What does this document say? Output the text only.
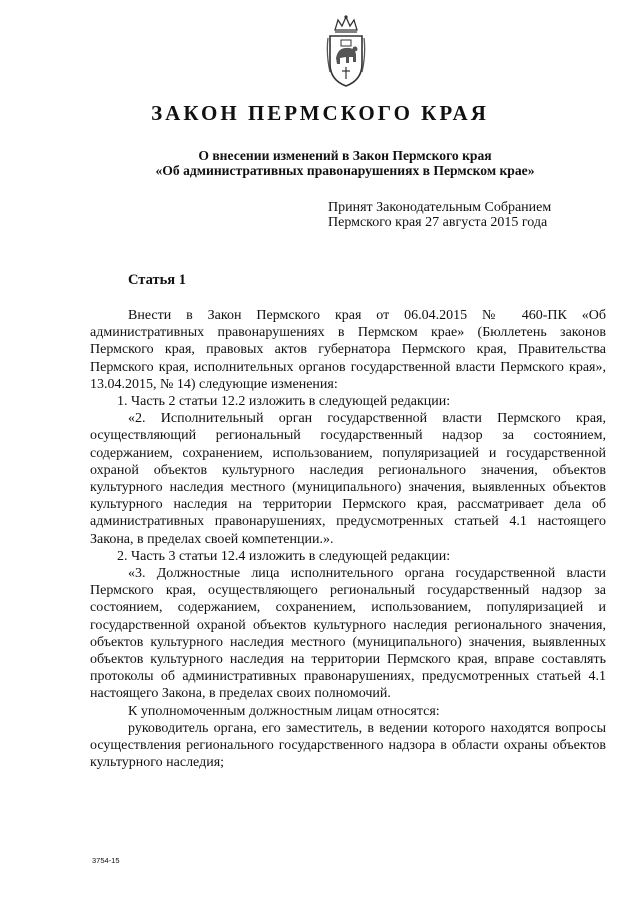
ЗАКОН ПЕРМСКОГО КРАЯ
О внесении изменений в Закон Пермского края
«Об административных правонарушениях в Пермском крае»
Принят Законодательным Собранием
Пермского края 27 августа 2015 года
Статья 1

Внести в Закон Пермского края от 06.04.2015 № 460-ПК «Об административных правонарушениях в Пермском крае» (Бюллетень законов Пермского края, правовых актов губернатора Пермского края, Правительства Пермского края, исполнительных органов государственной власти Пермского края», 13.04.2015, № 14) следующие изменения:

1. Часть 2 статьи 12.2 изложить в следующей редакции:

«2. Исполнительный орган государственной власти Пермского края, осуществляющий региональный государственный надзор за состоянием, содержанием, сохранением, использованием, популяризацией и государственной охраной объектов культурного наследия регионального значения, объектов культурного наследия местного (муниципального) значения, выявленных объектов культурного наследия на территории Пермского края, рассматривает дела об административных правонарушениях, предусмотренных статьей 4.1 настоящего Закона, в пределах своей компетенции.».

2. Часть 3 статьи 12.4 изложить в следующей редакции:

«3. Должностные лица исполнительного органа государственной власти Пермского края, осуществляющего региональный государственный надзор за состоянием, содержанием, сохранением, использованием, популяризацией и государственной охраной объектов культурного наследия регионального значения, объектов культурного наследия местного (муниципального) значения, выявленных объектов культурного наследия на территории Пермского края, вправе составлять протоколы об административных правонарушениях, предусмотренных статьей 4.1 настоящего Закона, в пределах своих полномочий.

К уполномоченным должностным лицам относятся:

руководитель органа, его заместитель, в ведении которого находятся вопросы осуществления регионального государственного надзора в области охраны объектов культурного наследия;

3754-15
